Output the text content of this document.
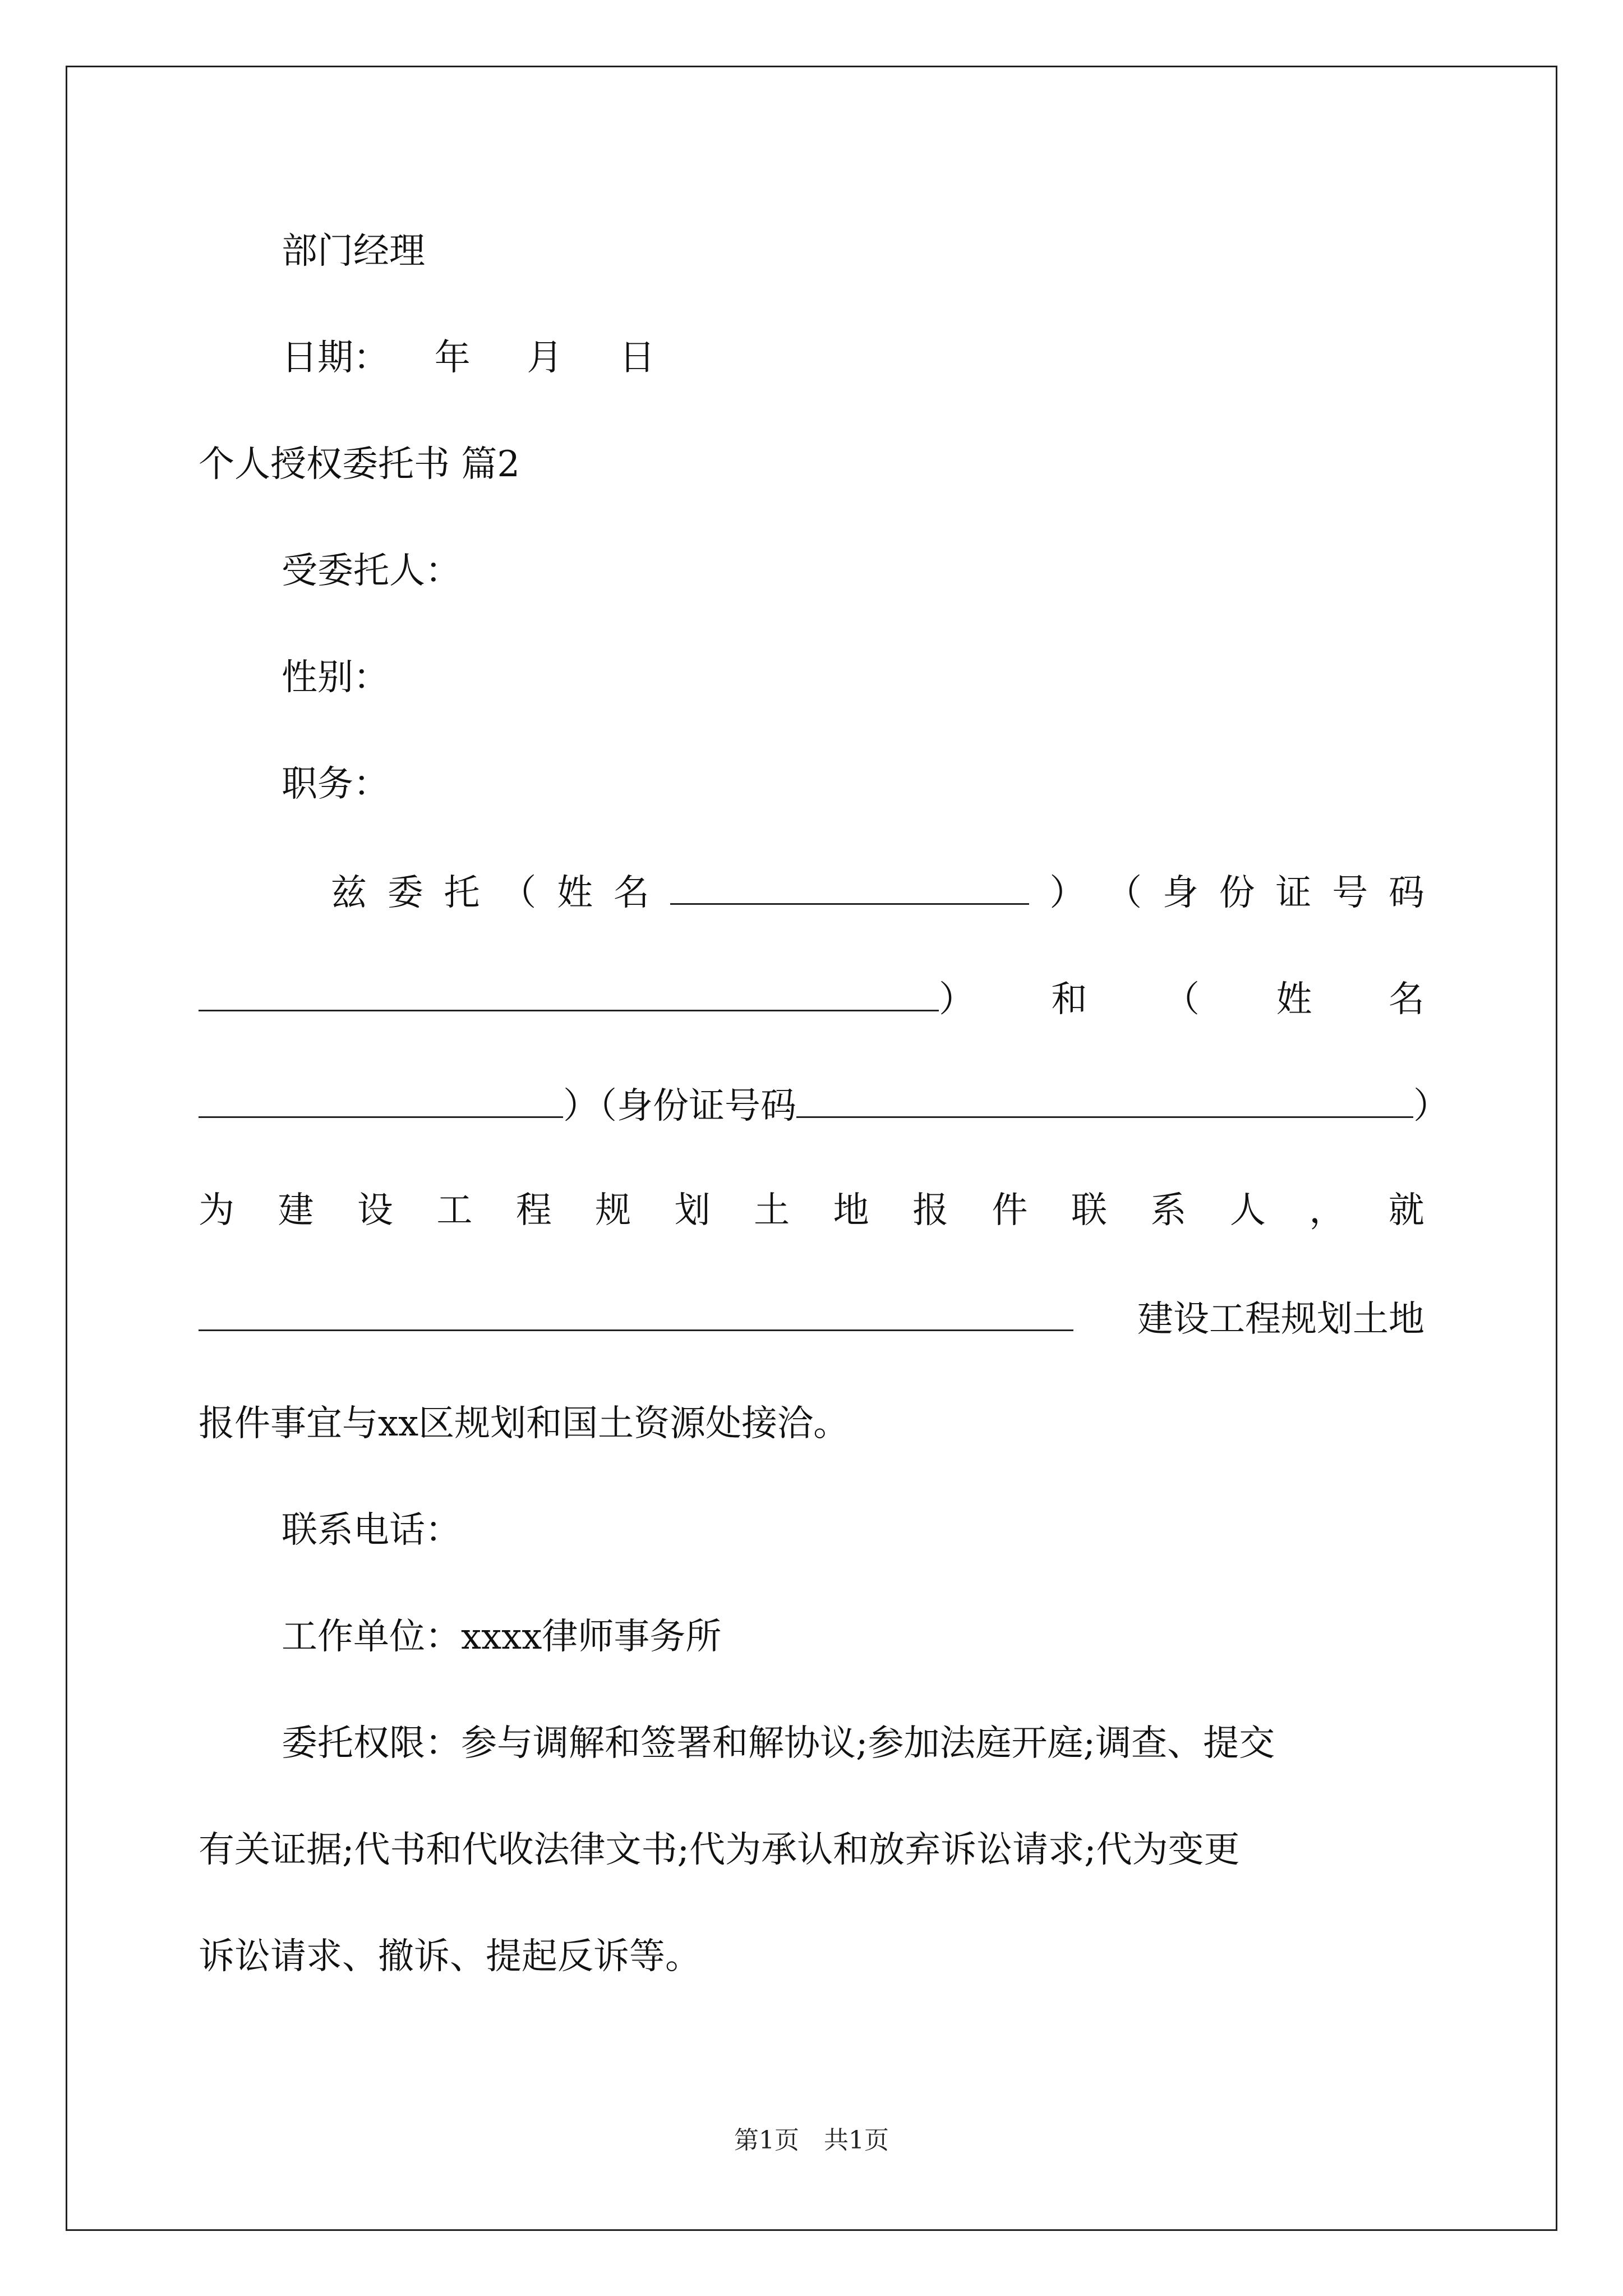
部门经理
日期： 年 月 日
个人授权委托书 篇2
受委托人：
性别：
职务：
兹 委 托 （ 姓 名	） （ 身 份 证 号 码
） 和 （ 姓 名
）（身份证号码	）
为 建 设 工 程 规 划 土 地 报 件 联 系 人 ， 就
建设工程规划土地
报件事宜与xx区规划和国土资源处接洽。
联系电话：
工作单位：xxxx律师事务所
委托权限：参与调解和签署和解协议;参加法庭开庭;调查、提交
有关证据;代书和代收法律文书;代为承认和放弃诉讼请求;代为变更
诉讼请求、撤诉、提起反诉等。
第1页　共1页
